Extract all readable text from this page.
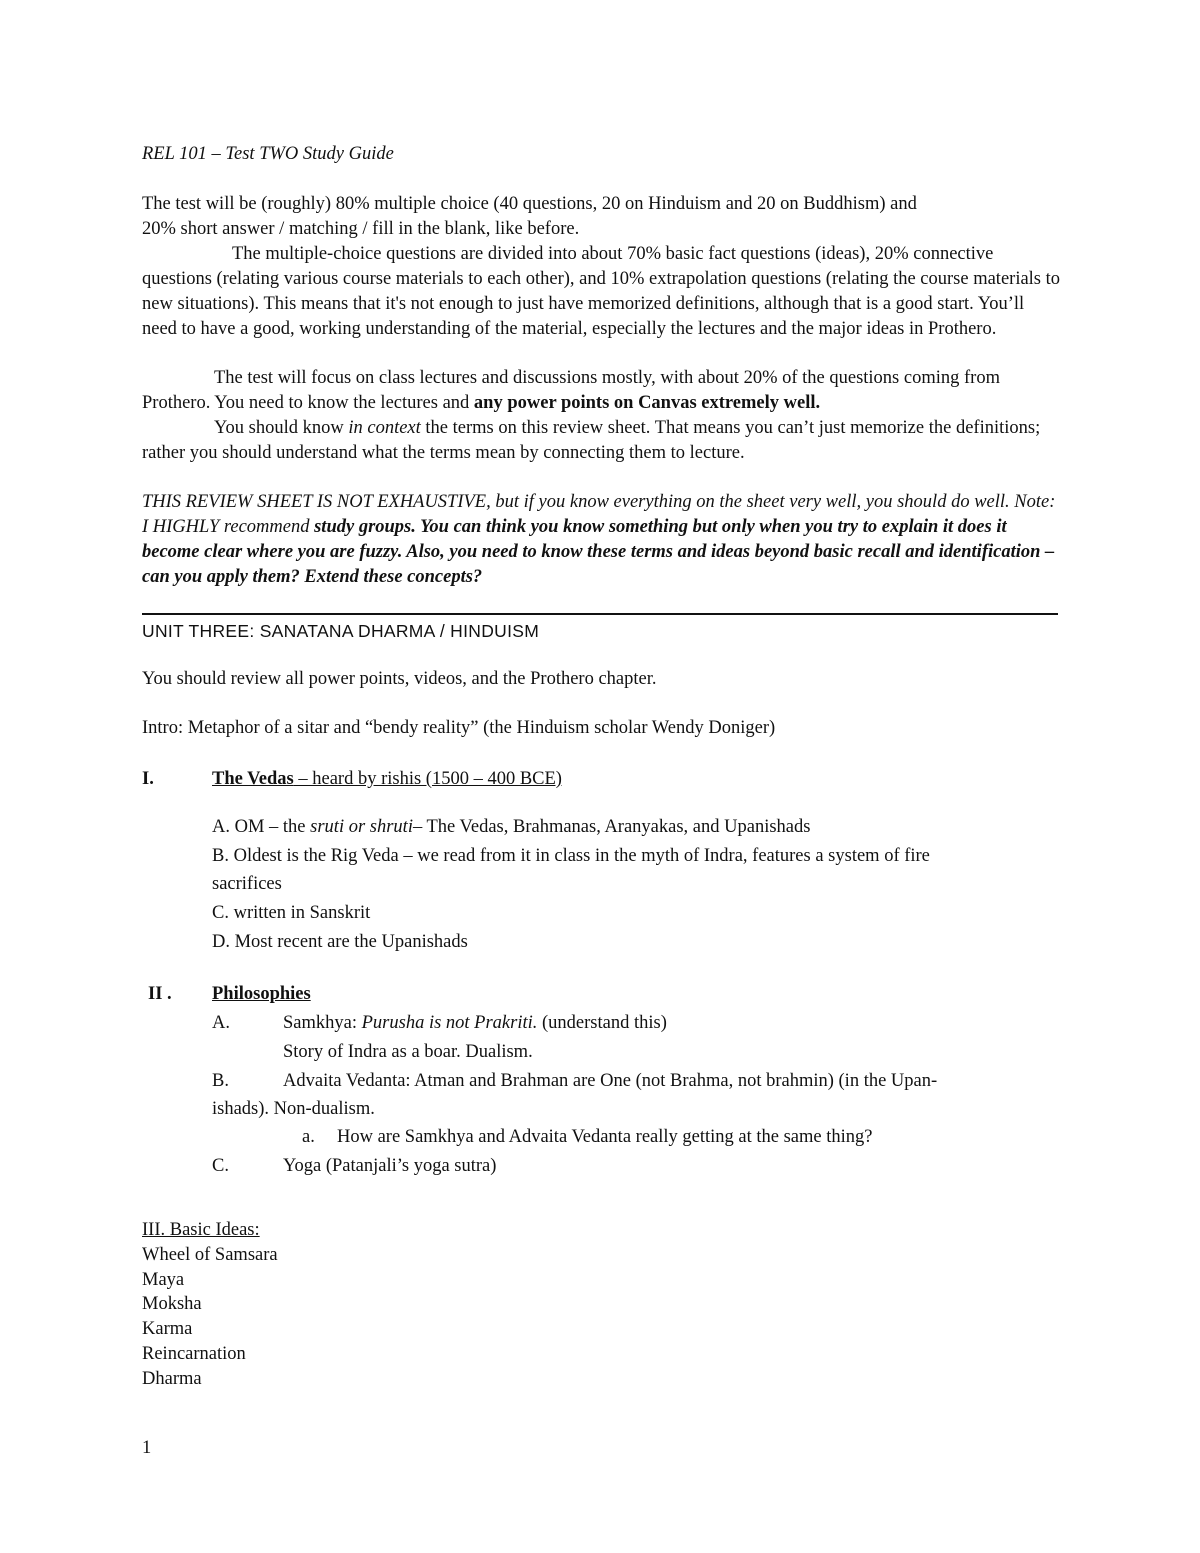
REL 101 – Test TWO Study Guide

The test will be (roughly) 80% multiple choice (40 questions, 20 on Hinduism and 20 on Buddhism) and

20% short answer / matching / fill in the blank, like before.

The multiple-choice questions are divided into about 70% basic fact questions (ideas), 20% connective questions (relating various course materials to each other), and 10% extrapolation questions (relating the course materials to new situations). This means that it's not enough to just have memorized definitions, although that is a good start. You’ll need to have a good, working understanding of the material, especially the lectures and the major ideas in Prothero.

The test will focus on class lectures and discussions mostly, with about 20% of the questions coming from Prothero. You need to know the lectures and any power points on Canvas extremely well.

You should know in context the terms on this review sheet. That means you can’t just memorize the definitions; rather you should understand what the terms mean by connecting them to lecture.

THIS REVIEW SHEET IS NOT EXHAUSTIVE, but if you know everything on the sheet very well, you should do well. Note: I HIGHLY recommend study groups. You can think you know something but only when you try to explain it does it become clear where you are fuzzy. Also, you need to know these terms and ideas beyond basic recall and identification – can you apply them? Extend these concepts?

UNIT THREE: SANATANA DHARMA / HINDUISM

You should review all power points, videos, and the Prothero chapter.

Intro: Metaphor of a sitar and “bendy reality” (the Hinduism scholar Wendy Doniger)

I.	The Vedas – heard by rishis (1500 – 400 BCE)
A. OM – the sruti or shruti– The Vedas, Brahmanas, Aranyakas, and Upanishads
B. Oldest is the Rig Veda – we read from it in class in the myth of Indra, features a system of fire
sacrifices
C. written in Sanskrit
D. Most recent are the Upanishads
II . Philosophies
A.	Samkhya: Purusha is not Prakriti. (understand this)
Story of Indra as a boar. Dualism.
B.	Advaita Vedanta: Atman and Brahman are One (not Brahma, not brahmin) (in the Upan-
ishads). Non-dualism.
a. How are Samkhya and Advaita Vedanta really getting at the same thing?
C.	Yoga (Patanjali’s yoga sutra)
III. Basic Ideas:
Wheel of Samsara
Maya
Moksha
Karma
Reincarnation
Dharma
1
